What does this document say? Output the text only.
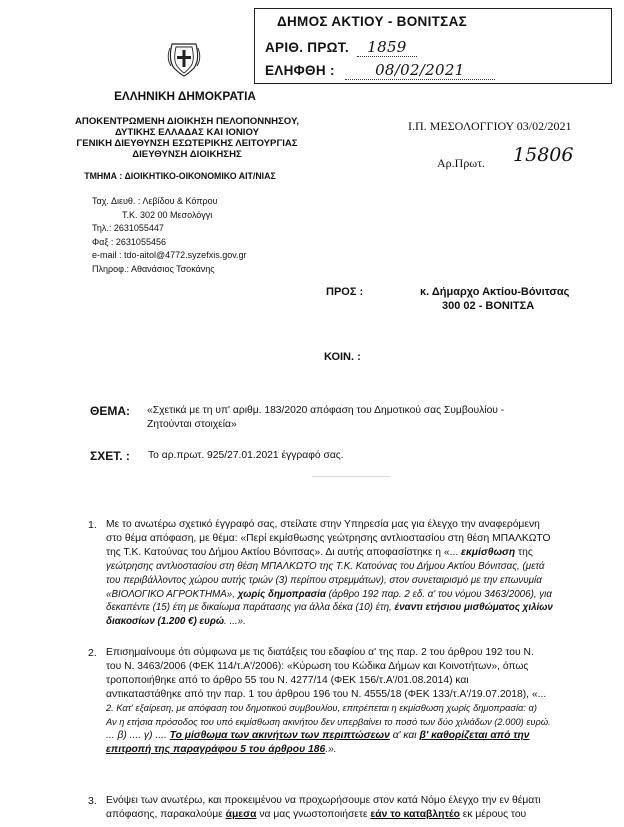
ΔΗΜΟΣ ΑΚΤΙΟΥ - ΒΟΝΙΤΣΑΣ
ΑΡΙΘ. ΠΡΩΤ. 1859
ΕΛΗΦΘΗ :	08/02/2021
ΕΛΛΗΝΙΚΗ ΔΗΜΟΚΡΑΤΙΑ
ΑΠΟΚΕΝΤΡΩΜΕΝΗ ΔΙΟΙΚΗΣΗ ΠΕΛΟΠΟΝΝΗΣΟΥ,
ΔΥΤΙΚΗΣ ΕΛΛΑΔΑΣ ΚΑΙ ΙΟΝΙΟΥ
ΓΕΝΙΚΗ ΔΙΕΥΘΥΝΣΗ ΕΣΩΤΕΡΙΚΗΣ ΛΕΙΤΟΥΡΓΙΑΣ
ΔΙΕΥΘΥΝΣΗ ΔΙΟΙΚΗΣΗΣ
ΤΜΗΜΑ : ΔΙΟΙΚΗΤΙΚΟ-ΟΙΚΟΝΟΜΙΚΟ ΑΙΤ/ΝΙΑΣ
Ι.Π. ΜΕΣΟΛΟΓΓΙΟΥ 03/02/2021
Αρ.Πρωτ. 15806
Ταχ. Διευθ. : Λεβίδου & Κόπρου
Τ.Κ. 302 00 Μεσολόγγι
Τηλ.: 2631055447
Φαξ : 2631055456
e-mail : tdo-aitol@4772.syzefxis.gov.gr
Πληροφ.: Αθανάσιος Τσοκάνης
ΠΡΟΣ :	κ. Δήμαρχο Ακτίου-Βόνιτσας
300 02 - ΒΟΝΙΤΣΑ
ΚΟΙΝ. :
ΘΕΜΑ: «Σχετικά με τη υπ' αριθμ. 183/2020 απόφαση του Δημοτικού σας Συμβουλίου -
Ζητούνται στοιχεία»
ΣΧΕΤ. : Το αρ.πρωτ. 925/27.01.2021 έγγραφό σας.
1. Με το ανωτέρω σχετικό έγγραφό σας, στείλατε στην Υπηρεσία μας για έλεγχο την αναφερόμενη
στο θέμα απόφαση, με θέμα: «Περί εκμίσθωσης γεώτρησης αντλιοστασίου στη θέση ΜΠΑΛΚΩΤΟ
της Τ.Κ. Κατούνας του Δήμου Ακτίου Βόνιτσας». Δι αυτής αποφασίστηκε η «... εκμίσθωση της
γεώτρησης αντλιοστασίου στη θέση ΜΠΑΛΚΩΤΟ της Τ.Κ. Κατούνας του Δήμου Ακτίου Βόνιτσας, (μετά
του περιβάλλοντος χώρου αυτής τριών (3) περίπου στρεμμάτων), στον συνεταιρισμό με την επωνυμία
«ΒΙΟΛΟΓΙΚΟ ΑΓΡΟΚΤΗΜΑ», χωρίς δημοπρασία (άρθρο 192 παρ. 2 εδ. α' του νόμου 3463/2006), για
δεκαπέντε (15) έτη με δικαίωμα παράτασης για άλλα δέκα (10) έτη, έναντι ετήσιου μισθώματος χιλίων
διακοσίων (1.200 €) ευρώ. ...».
2. Επισημαίνουμε ότι σύμφωνα με τις διατάξεις του εδαφίου α' της παρ. 2 του άρθρου 192 του Ν.
του Ν. 3463/2006 (ΦΕΚ 114/τ.Α'/2006): «Κύρωση του Κώδικα Δήμων και Κοινοτήτων», όπως
τροποποιήθηκε από το άρθρο 55 του Ν. 4277/14 (ΦΕΚ 156/τ.Α'/01.08.2014) και
αντικαταστάθηκε από την παρ. 1 του άρθρου 196 του Ν. 4555/18 (ΦΕΚ 133/τ.Α'/19.07.2018), «...
2. Κατ' εξαίρεση, με απόφαση του δημοτικού συμβουλίου, επιτρέπεται η εκμίσθωση χωρίς δημοπρασία: α)
Αν η ετήσια πρόσοδος του υπό εκμίσθωση ακινήτου δεν υπερβαίνει το ποσό των δύο χιλιάδων (2.000) ευρώ.
... β) .... γ) .... Το μίσθωμα των ακινήτων των περιπτώσεων α' και β' καθορίζεται από την
επιτροπή της παραγράφου 5 του άρθρου 186.».
3. Ενόψει των ανωτέρω, και προκειμένου να προχωρήσουμε στον κατά Νόμο έλεγχο την εν θέματι
απόφασης, παρακαλούμε άμεσα να μας γνωστοποιήσετε εάν το καταβλητέο εκ μέρους του
